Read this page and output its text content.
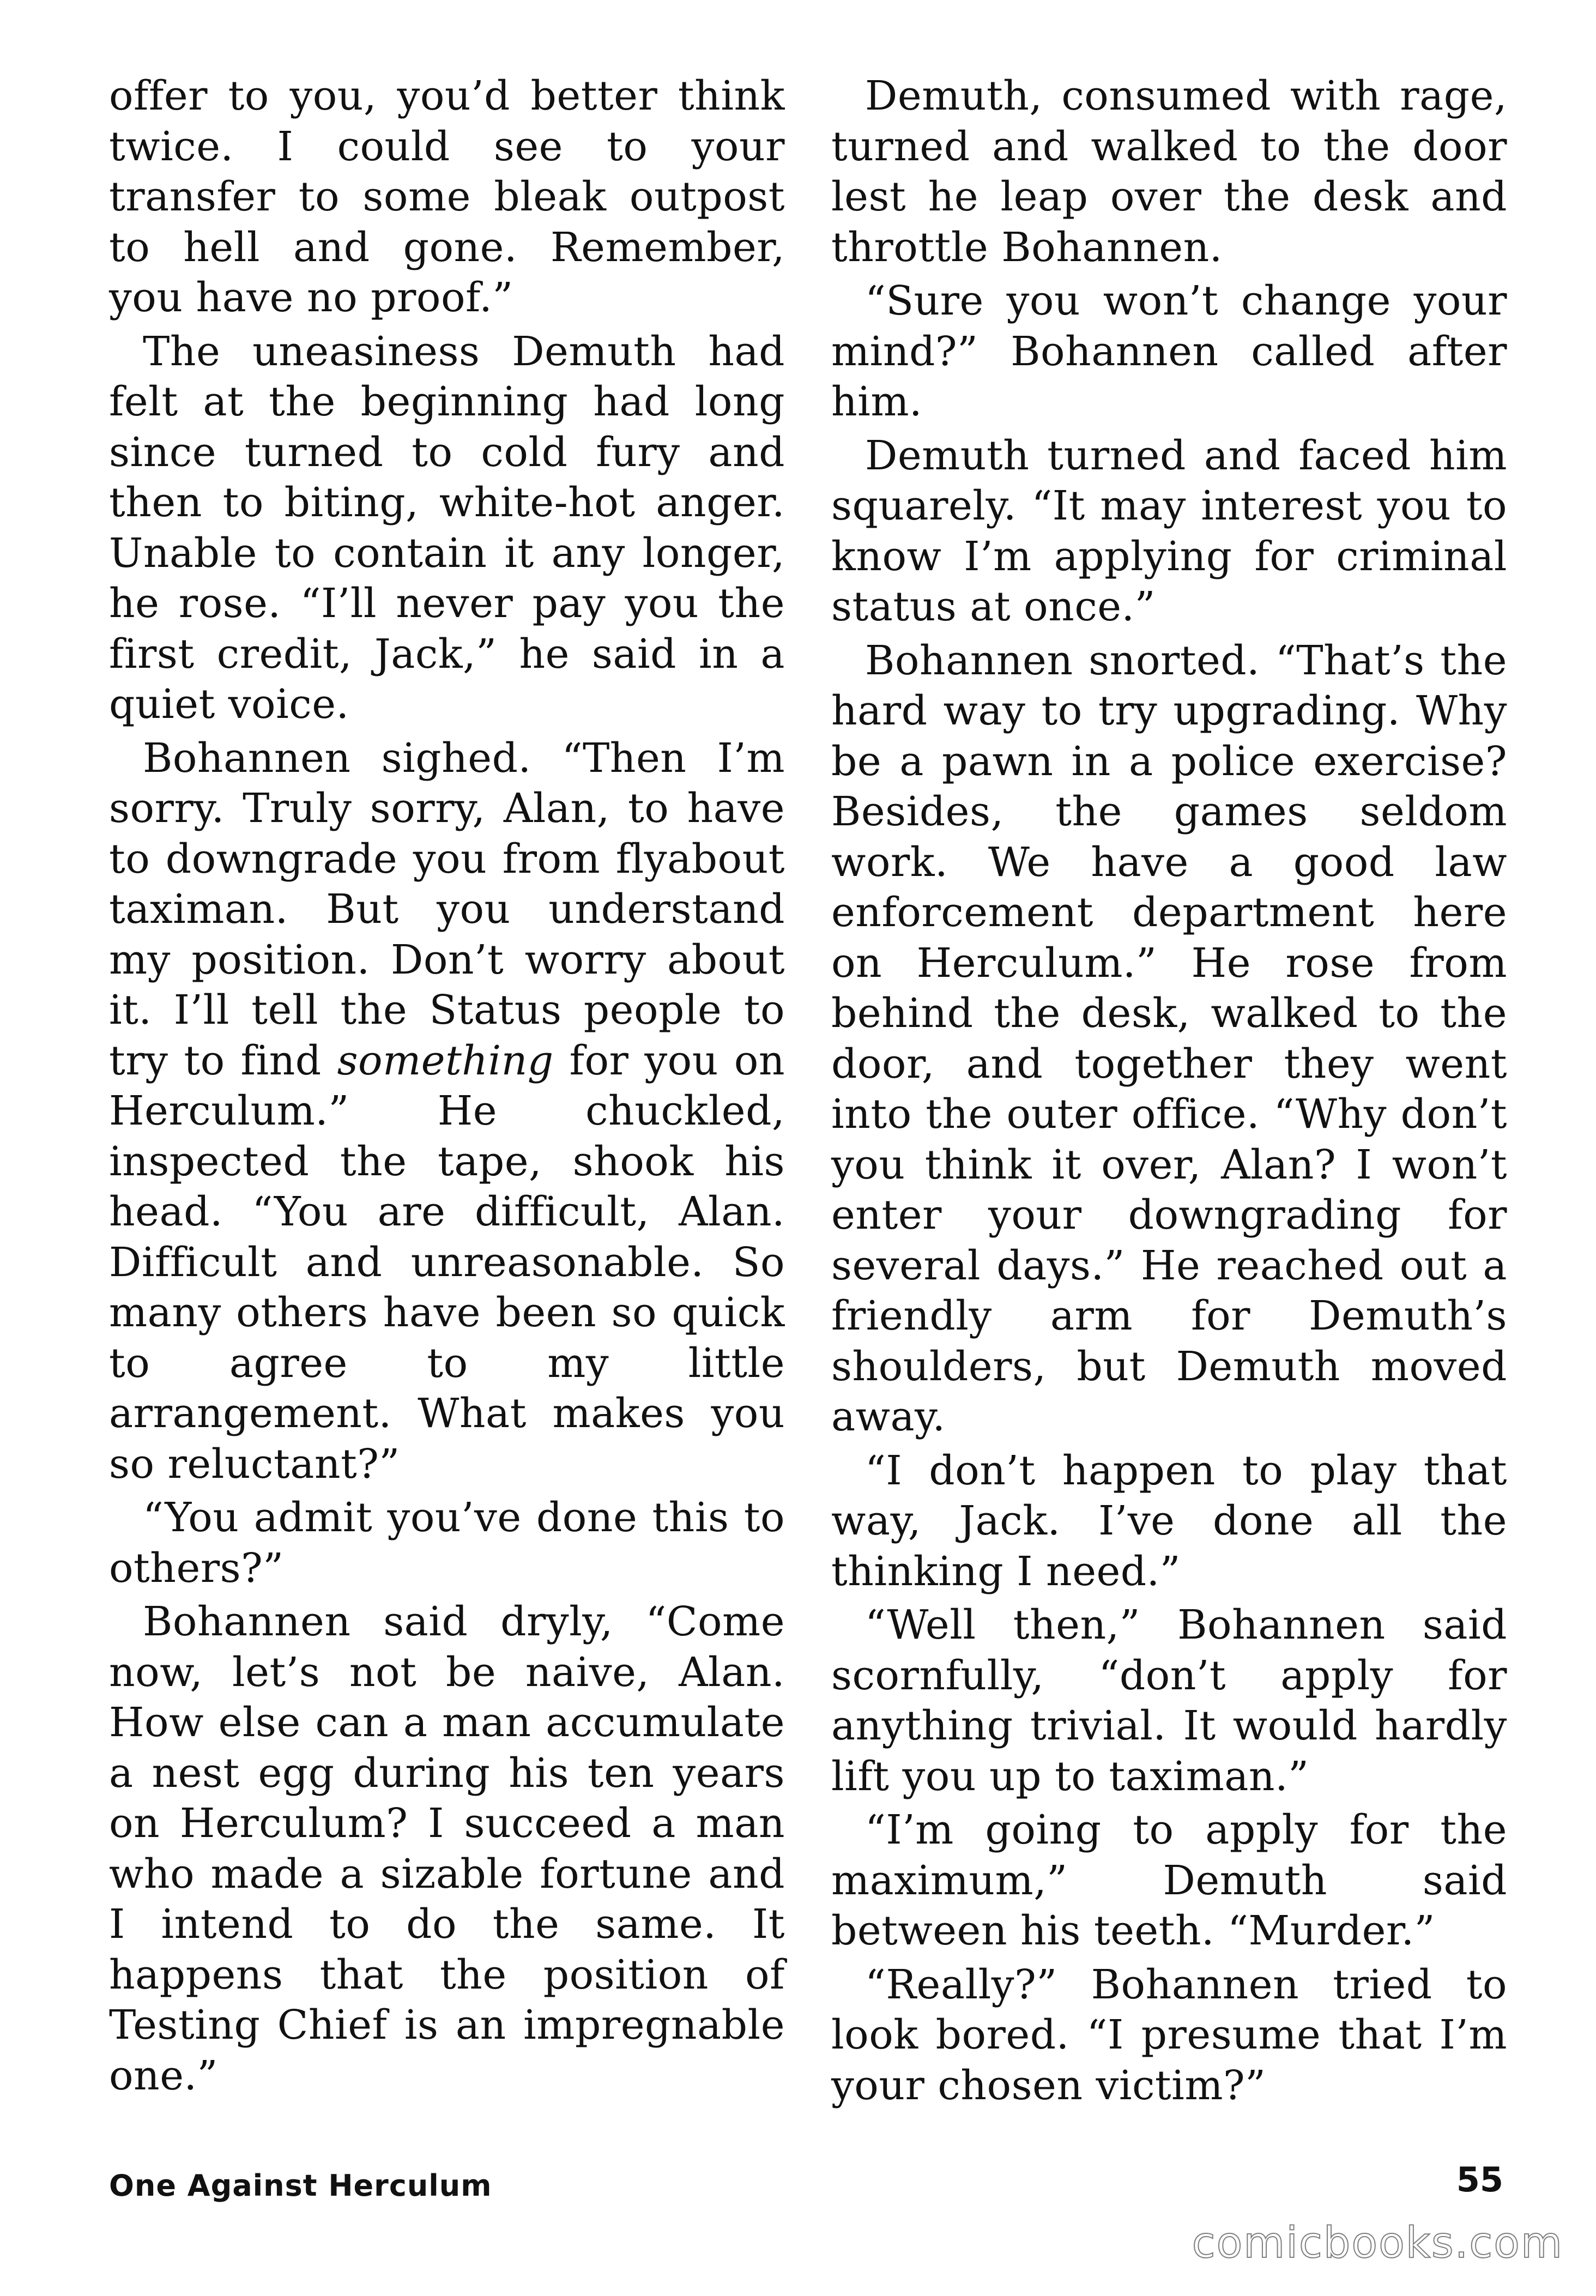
offer to you, you’d better think twice. I could see to your transfer to some bleak outpost to hell and gone. Remember, you have no proof.”

The uneasiness Demuth had felt at the beginning had long since turned to cold fury and then to biting, white-hot anger. Unable to contain it any longer, he rose. “I’ll never pay you the first credit, Jack,” he said in a quiet voice.

Bohannen sighed. “Then I’m sorry. Truly sorry, Alan, to have to downgrade you from flyabout taximan. But you understand my position. Don’t worry about it. I’ll tell the Status people to try to find something for you on Herculum.” He chuckled, inspected the tape, shook his head. “You are difficult, Alan. Difficult and unreasonable. So many others have been so quick to agree to my little arrangement. What makes you so reluctant?”

“You admit you’ve done this to others?”

Bohannen said dryly, “Come now, let’s not be naive, Alan. How else can a man accumulate a nest egg during his ten years on Herculum? I succeed a man who made a sizable fortune and I intend to do the same. It happens that the position of Testing Chief is an impregnable one.”

Demuth, consumed with rage, turned and walked to the door lest he leap over the desk and throttle Bohannen.

“Sure you won’t change your mind?” Bohannen called after him.

Demuth turned and faced him squarely. “It may interest you to know I’m applying for criminal status at once.”

Bohannen snorted. “That’s the hard way to try upgrading. Why be a pawn in a police exercise? Besides, the games seldom work. We have a good law enforcement department here on Herculum.” He rose from behind the desk, walked to the door, and together they went into the outer office. “Why don’t you think it over, Alan? I won’t enter your downgrading for several days.” He reached out a friendly arm for Demuth’s shoulders, but Demuth moved away.

“I don’t happen to play that way, Jack. I’ve done all the thinking I need.”

“Well then,” Bohannen said scornfully, “don’t apply for anything trivial. It would hardly lift you up to taximan.”

“I’m going to apply for the maximum,” Demuth said between his teeth. “Murder.”

“Really?” Bohannen tried to look bored. “I presume that I’m your chosen victim?”

One Against Herculum	55
comicbooks.com
